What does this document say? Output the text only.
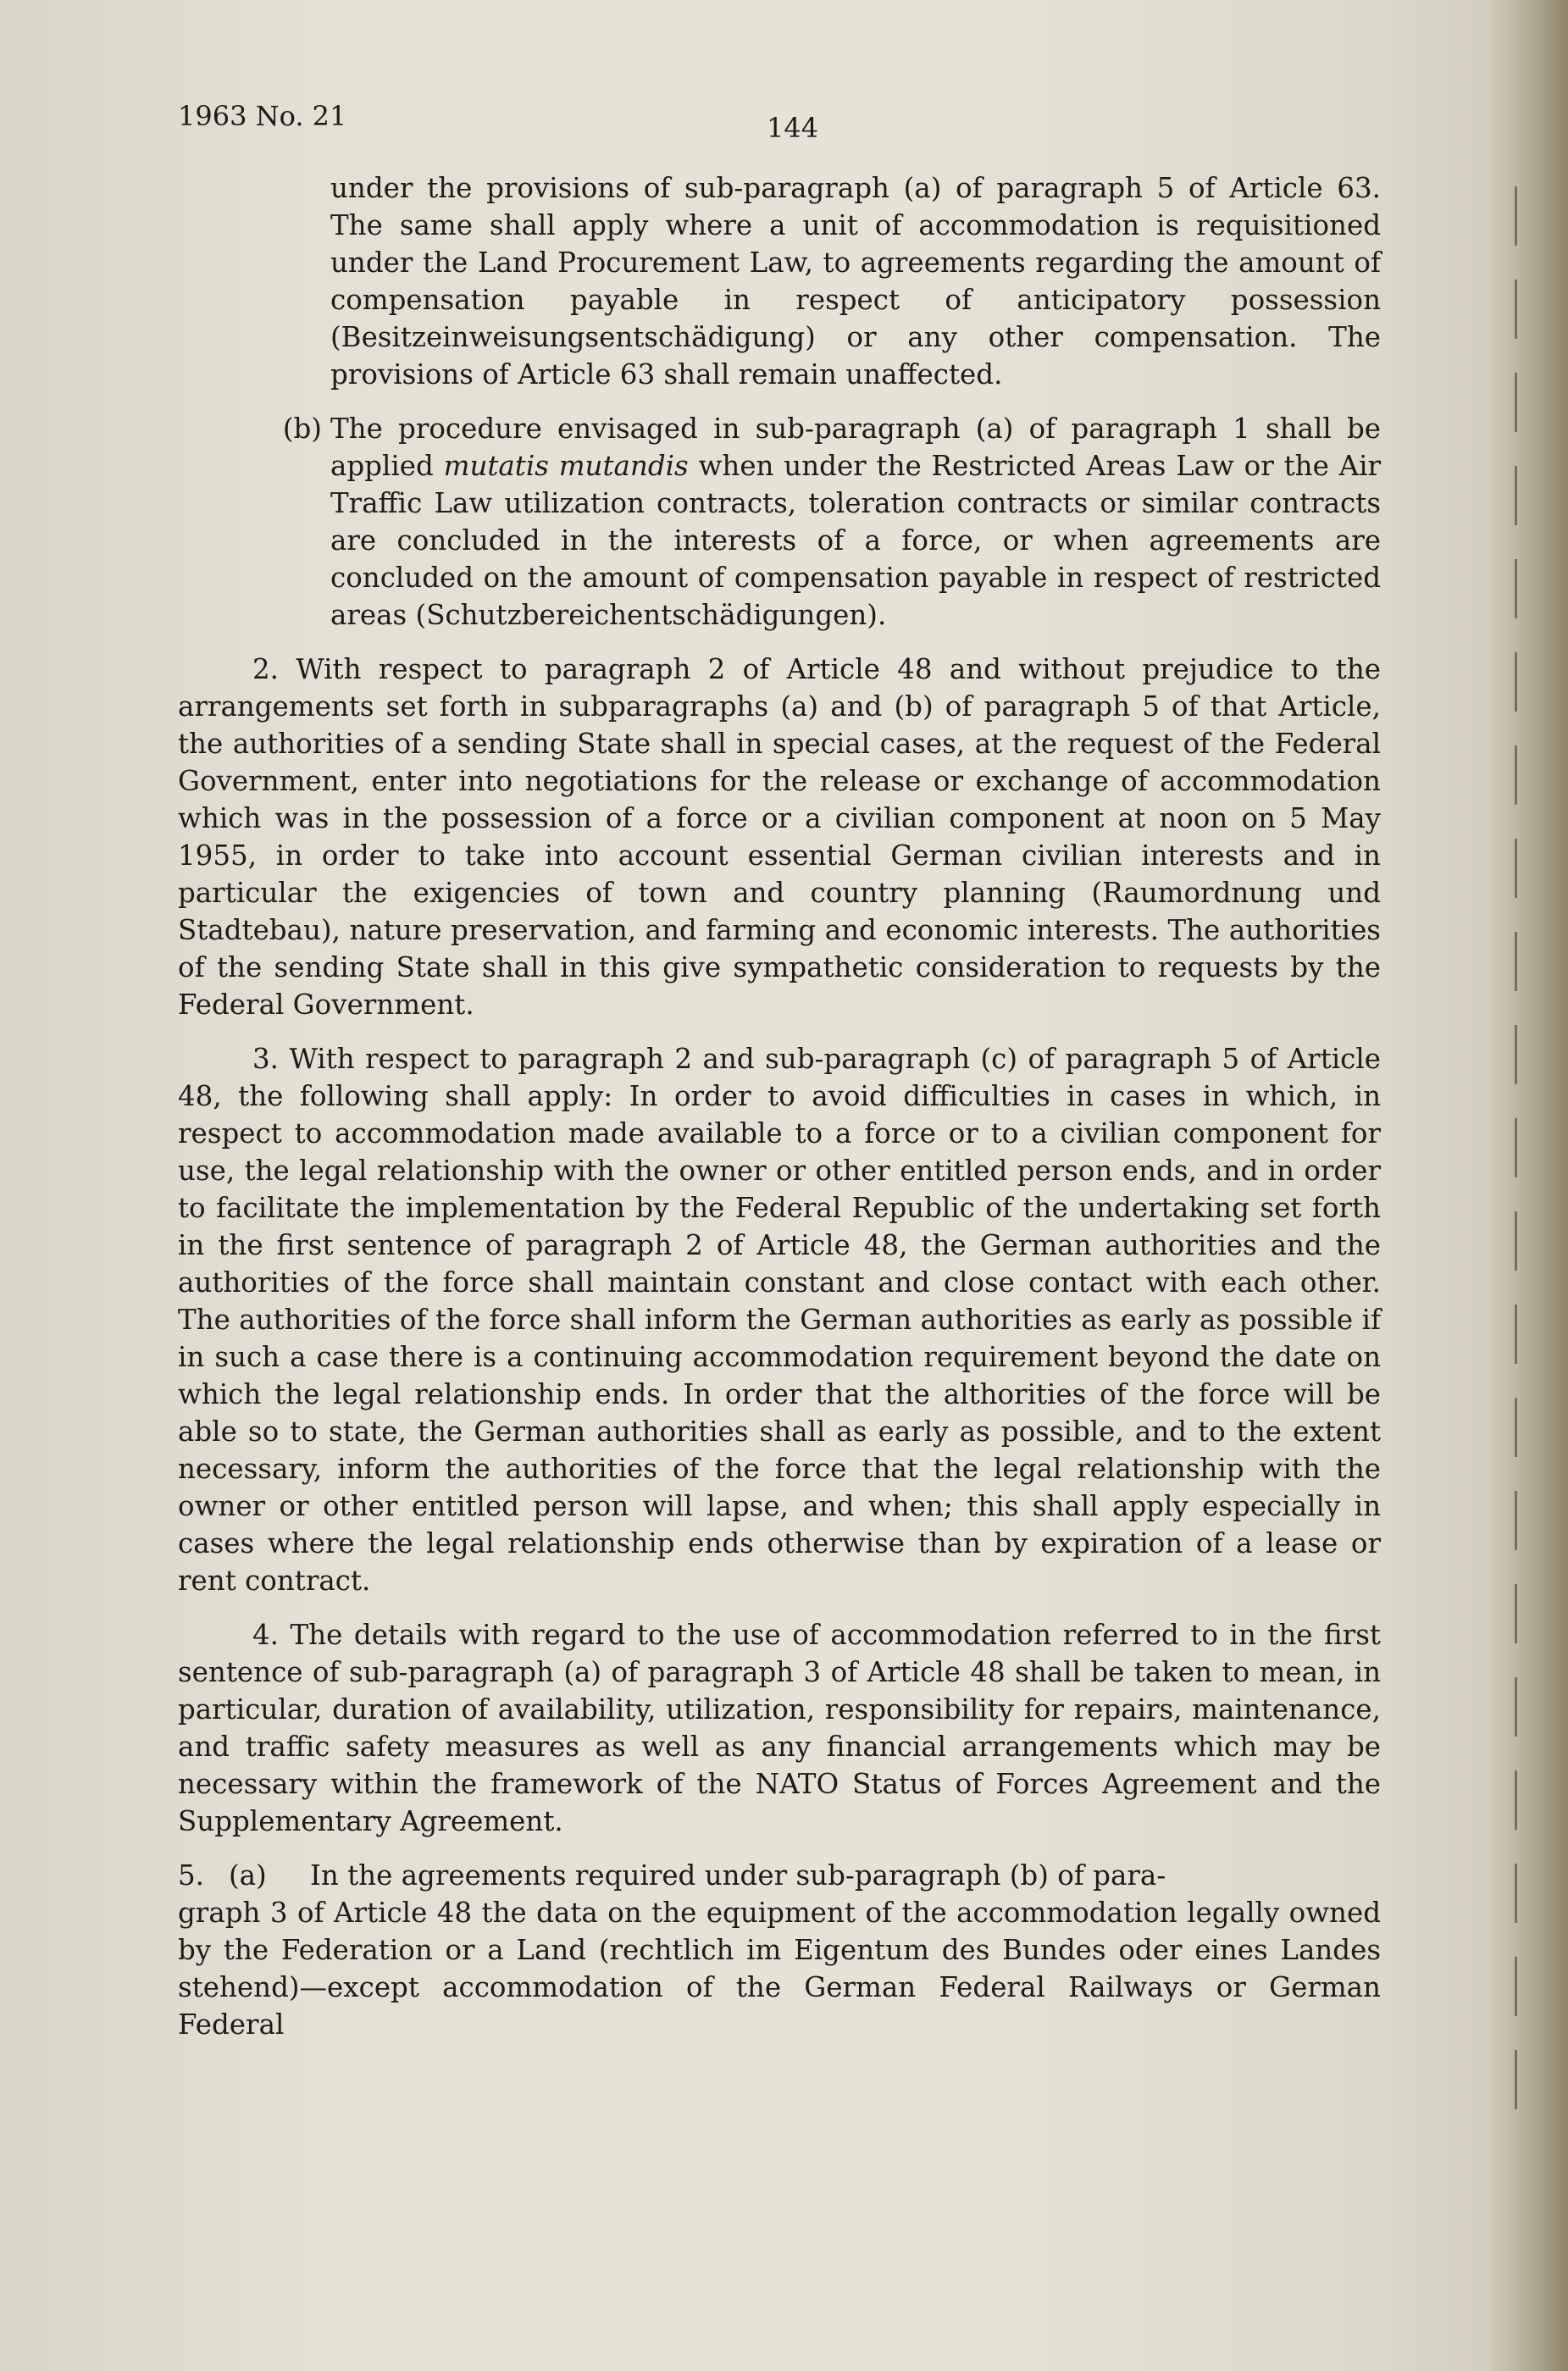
1963 No. 21	144

under the provisions of sub-paragraph (a) of paragraph 5 of Article 63. The same shall apply where a unit of accommodation is requisitioned under the Land Procurement Law, to agreements regarding the amount of compensation payable in respect of anticipatory possession (Besitzeinweisungsentschädigung) or any other compensation. The provisions of Article 63 shall remain unaffected.

(b) The procedure envisaged in sub-paragraph (a) of paragraph 1 shall be applied mutatis mutandis when under the Restricted Areas Law or the Air Traffic Law utilization contracts, toleration contracts or similar contracts are concluded in the interests of a force, or when agreements are concluded on the amount of compensation payable in respect of restricted areas (Schutzbereichentschädigungen).

2. With respect to paragraph 2 of Article 48 and without prejudice to the arrangements set forth in subparagraphs (a) and (b) of paragraph 5 of that Article, the authorities of a sending State shall in special cases, at the request of the Federal Government, enter into negotiations for the release or exchange of accommodation which was in the possession of a force or a civilian component at noon on 5 May 1955, in order to take into account essential German civilian interests and in particular the exigencies of town and country planning (Raumordnung und Stadtebau), nature preservation, and farming and economic interests. The authorities of the sending State shall in this give sympathetic consideration to requests by the Federal Government.

3. With respect to paragraph 2 and sub-paragraph (c) of paragraph 5 of Article 48, the following shall apply: In order to avoid difficulties in cases in which, in respect to accommodation made available to a force or to a civilian component for use, the legal relationship with the owner or other entitled person ends, and in order to facilitate the implementation by the Federal Republic of the undertaking set forth in the first sentence of paragraph 2 of Article 48, the German authorities and the authorities of the force shall maintain constant and close contact with each other. The authorities of the force shall inform the German authorities as early as possible if in such a case there is a continuing accommodation requirement beyond the date on which the legal relationship ends. In order that the althorities of the force will be able so to state, the German authorities shall as early as possible, and to the extent necessary, inform the authorities of the force that the legal relationship with the owner or other entitled person will lapse, and when; this shall apply especially in cases where the legal relationship ends otherwise than by expiration of a lease or rent contract.

4. The details with regard to the use of accommodation referred to in the first sentence of sub-paragraph (a) of paragraph 3 of Article 48 shall be taken to mean, in particular, duration of availability, utilization, responsibility for repairs, maintenance, and traffic safety measures as well as any financial arrangements which may be necessary within the framework of the NATO Status of Forces Agreement and the Supplementary Agreement.

5. (a)	In the agreements required under sub-paragraph (b) of para-

graph 3 of Article 48 the data on the equipment of the accommodation legally owned by the Federation or a Land (rechtlich im Eigentum des Bundes oder eines Landes stehend)—except accommodation of the German Federal Railways or German Federal
